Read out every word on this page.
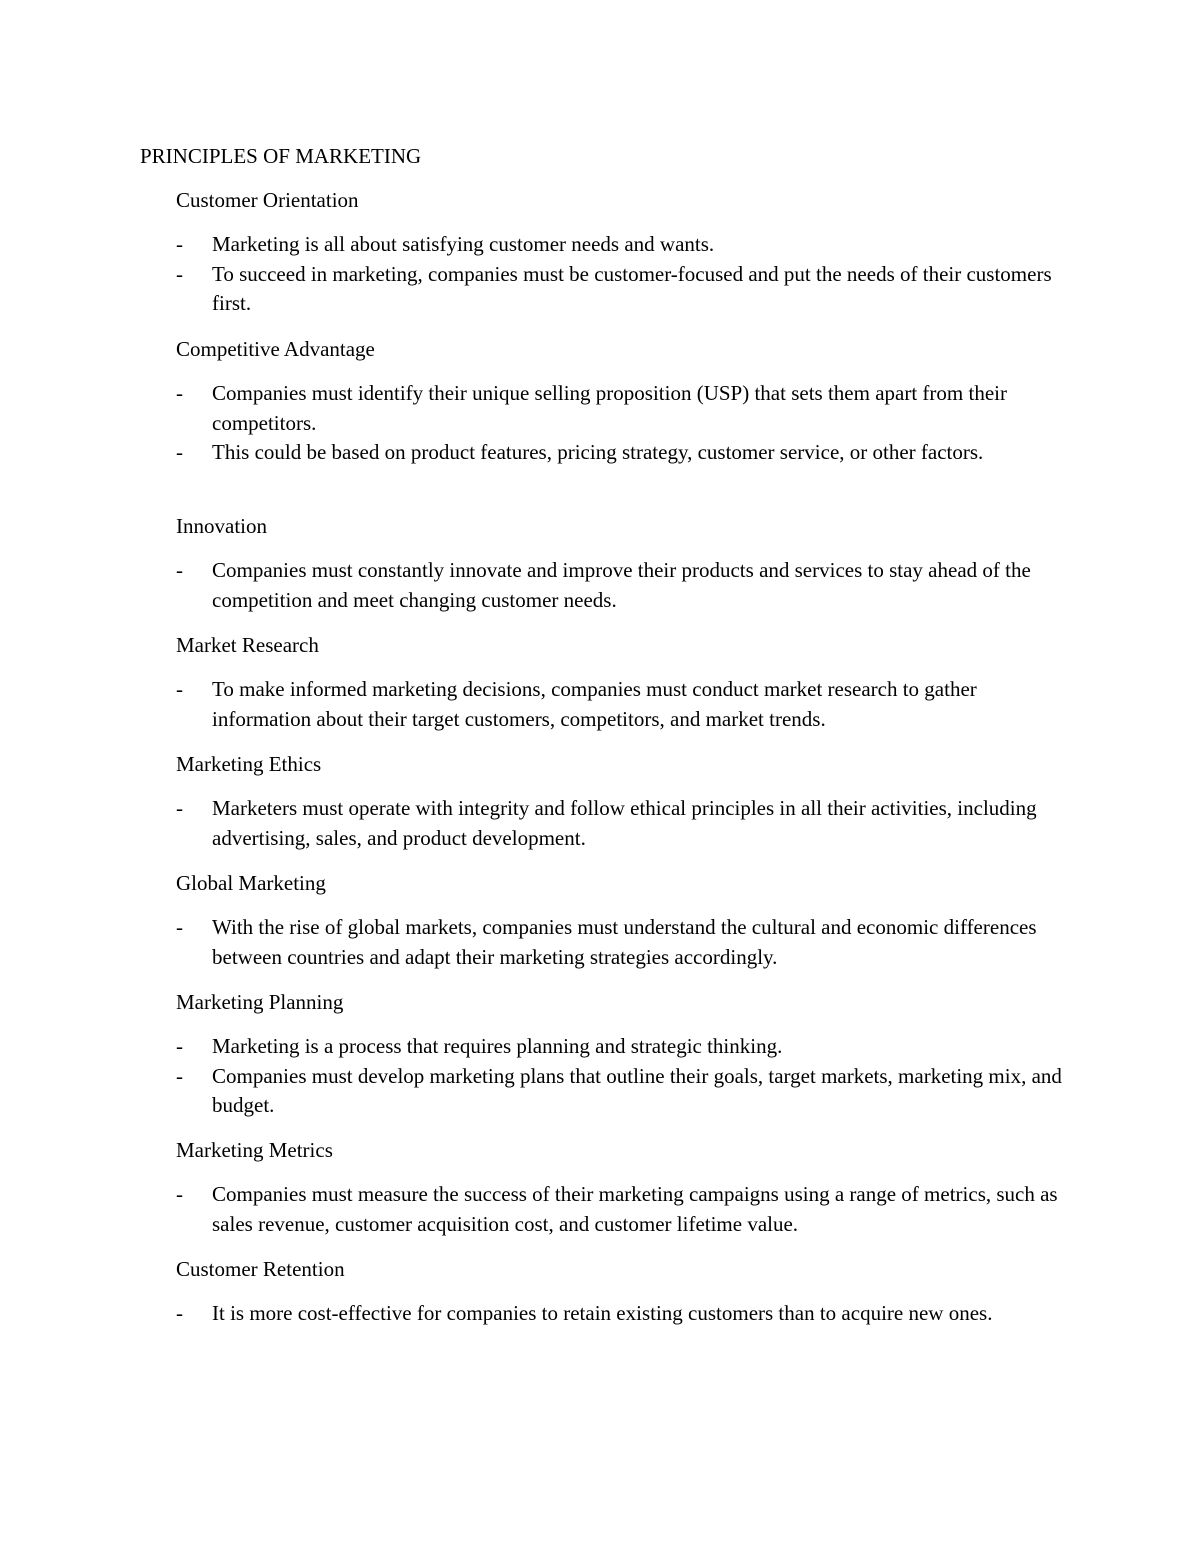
PRINCIPLES OF MARKETING
Customer Orientation
-	Marketing is all about satisfying customer needs and wants.
-	To succeed in marketing, companies must be customer-focused and put the needs of their customers first.
Competitive Advantage
-	Companies must identify their unique selling proposition (USP) that sets them apart from their competitors.
-	This could be based on product features, pricing strategy, customer service, or other factors.
Innovation
-	Companies must constantly innovate and improve their products and services to stay ahead of the competition and meet changing customer needs.
Market Research
-	To make informed marketing decisions, companies must conduct market research to gather information about their target customers, competitors, and market trends.
Marketing Ethics
-	Marketers must operate with integrity and follow ethical principles in all their activities, including advertising, sales, and product development.
Global Marketing
-	With the rise of global markets, companies must understand the cultural and economic differences between countries and adapt their marketing strategies accordingly.
Marketing Planning
-	Marketing is a process that requires planning and strategic thinking.
-	Companies must develop marketing plans that outline their goals, target markets, marketing mix, and budget.
Marketing Metrics
-	Companies must measure the success of their marketing campaigns using a range of metrics, such as sales revenue, customer acquisition cost, and customer lifetime value.
Customer Retention
-	It is more cost-effective for companies to retain existing customers than to acquire new ones.
